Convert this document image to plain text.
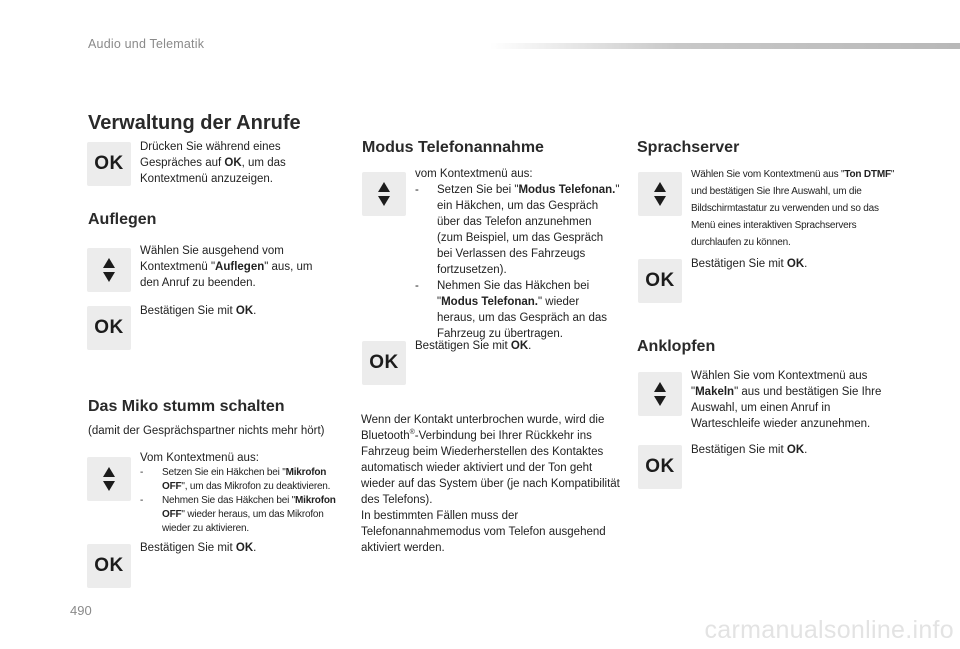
Audio und Telematik
Verwaltung der Anrufe
OK
Drücken Sie während eines Gespräches auf OK, um das Kontextmenü anzuzeigen.
Auflegen
Wählen Sie ausgehend vom Kontextmenü "Auflegen" aus, um den Anruf zu beenden.
OK
Bestätigen Sie mit OK.
Das Miko stumm schalten
(damit der Gesprächspartner nichts mehr hört)
Vom Kontextmenü aus:
-	Setzen Sie ein Häkchen bei "Mikrofon OFF", um das Mikrofon zu deaktivieren.
-	Nehmen Sie das Häkchen bei "Mikrofon OFF" wieder heraus, um das Mikrofon wieder zu aktivieren.
OK
Bestätigen Sie mit OK.
Modus Telefonannahme
vom Kontextmenü aus:
-	Setzen Sie bei "Modus Telefonan." ein Häkchen, um das Gespräch über das Telefon anzunehmen (zum Beispiel, um das Gespräch bei Verlassen des Fahrzeugs fortzusetzen).
-	Nehmen Sie das Häkchen bei "Modus Telefonan." wieder heraus, um das Gespräch an das Fahrzeug zu übertragen.
OK
Bestätigen Sie mit OK.
Wenn der Kontakt unterbrochen wurde, wird die Bluetooth®-Verbindung bei Ihrer Rückkehr ins Fahrzeug beim Wiederherstellen des Kontaktes automatisch wieder aktiviert und der Ton geht wieder auf das System über (je nach Kompatibilität des Telefons).
In bestimmten Fällen muss der Telefonannahmemodus vom Telefon ausgehend aktiviert werden.
Sprachserver
Wählen Sie vom Kontextmenü aus "Ton DTMF" und bestätigen Sie Ihre Auswahl, um die Bildschirmtastatur zu verwenden und so das Menü eines interaktiven Sprachservers durchlaufen zu können.
OK
Bestätigen Sie mit OK.
Anklopfen
Wählen Sie vom Kontextmenü aus "Makeln" aus und bestätigen Sie Ihre Auswahl, um einen Anruf in Warteschleife wieder anzunehmen.
OK
Bestätigen Sie mit OK.
490
carmanualsonline.info
